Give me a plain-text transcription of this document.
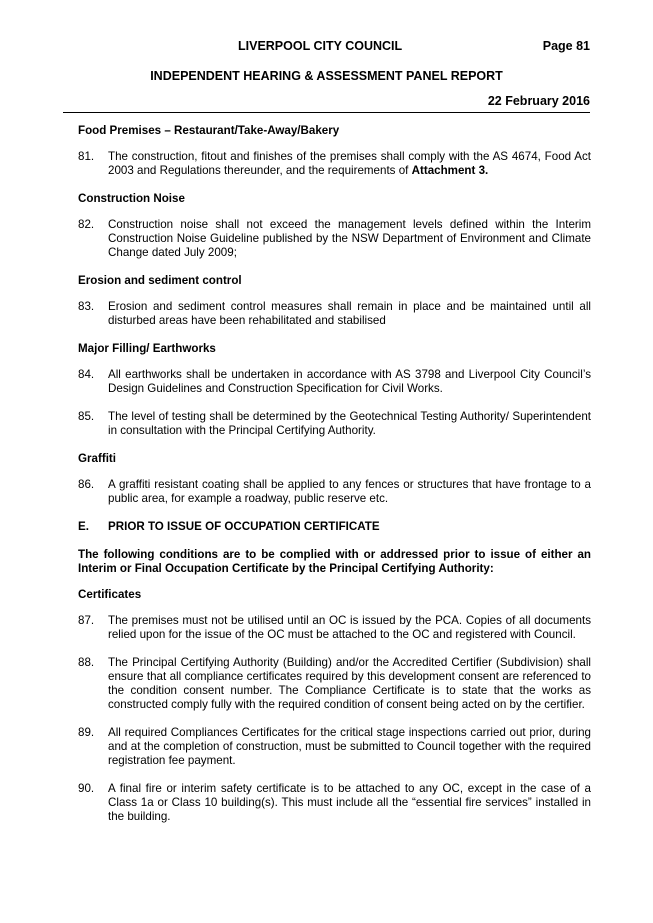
LIVERPOOL CITY COUNCIL	Page 81
INDEPENDENT HEARING & ASSESSMENT PANEL REPORT
22 February 2016
Food Premises – Restaurant/Take-Away/Bakery
81.	The construction, fitout and finishes of the premises shall comply with the AS 4674, Food Act 2003 and Regulations thereunder, and the requirements of Attachment 3.
Construction Noise
82.	Construction noise shall not exceed the management levels defined within the Interim Construction Noise Guideline published by the NSW Department of Environment and Climate Change dated July 2009;
Erosion and sediment control
83.	Erosion and sediment control measures shall remain in place and be maintained until all disturbed areas have been rehabilitated and stabilised
Major Filling/ Earthworks
84.	All earthworks shall be undertaken in accordance with AS 3798 and Liverpool City Council’s Design Guidelines and Construction Specification for Civil Works.
85.	The level of testing shall be determined by the Geotechnical Testing Authority/ Superintendent in consultation with the Principal Certifying Authority.
Graffiti
86.	A graffiti resistant coating shall be applied to any fences or structures that have frontage to a public area, for example a roadway, public reserve etc.
E.	PRIOR TO ISSUE OF OCCUPATION CERTIFICATE
The following conditions are to be complied with or addressed prior to issue of either an Interim or Final Occupation Certificate by the Principal Certifying Authority:
Certificates
87.	The premises must not be utilised until an OC is issued by the PCA. Copies of all documents relied upon for the issue of the OC must be attached to the OC and registered with Council.
88.	The Principal Certifying Authority (Building) and/or the Accredited Certifier (Subdivision) shall ensure that all compliance certificates required by this development consent are referenced to the condition consent number. The Compliance Certificate is to state that the works as constructed comply fully with the required condition of consent being acted on by the certifier.
89.	All required Compliances Certificates for the critical stage inspections carried out prior, during and at the completion of construction, must be submitted to Council together with the required registration fee payment.
90.	A final fire or interim safety certificate is to be attached to any OC, except in the case of a Class 1a or Class 10 building(s). This must include all the “essential fire services” installed in the building.
